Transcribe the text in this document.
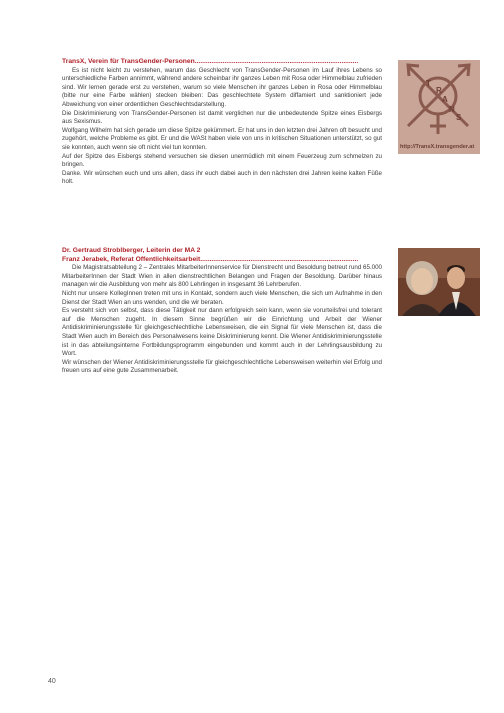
TransX, Verein für TransGender-Personen........................................................................................

Es ist nicht leicht zu verstehen, warum das Geschlecht von TransGender-Personen im Lauf ihres Lebens so unterschiedliche Farben annimmt, während andere scheinbar ihr ganzes Leben mit Rosa oder Himmelblau zufrieden sind. Wir lernen gerade erst zu verstehen, warum so viele Menschen ihr ganzes Leben in Rosa oder Himmelblau (bitte nur eine Farbe wählen) stecken bleiben: Das geschlechtete System diffamiert und sanktioniert jede Abweichung von einer ordentlichen Geschlechtsdarstellung.

Die Diskriminierung von TransGender-Personen ist damit verglichen nur die unbedeutende Spitze eines Eisbergs aus Sexismus.

Wolfgang Wilhelm hat sich gerade um diese Spitze gekümmert. Er hat uns in den letzten drei Jahren oft besucht und zugehört, welche Probleme es gibt. Er und die WASt haben viele von uns in kritischen Situationen unterstützt, so gut sie konnten, auch wenn sie oft nicht viel tun konnten.

Auf der Spitze des Eisbergs stehend versuchen sie diesen unermüdlich mit einem Feuerzeug zum schmelzen zu bringen.

Danke. Wir wünschen euch und uns allen, dass ihr euch dabei auch in den nächsten drei Jahren keine kalten Füße holt.

T
R
A
N
S
http://TransX.transgender.at
Dr. Gertraud Stroblberger, Leiterin der MA 2
Franz Jerabek, Referat Öffentlichkeitsarbeit.....................................................................................

Die Magistratsabteilung 2 – Zentrales MitarbeiterInnenservice für Dienstrecht und Besoldung betreut rund 65.000 MitarbeiterInnen der Stadt Wien in allen dienstrechtlichen Belangen und Fragen der Besoldung. Darüber hinaus managen wir die Ausbildung von mehr als 800 Lehrlingen in insgesamt 36 Lehrberufen.

Nicht nur unsere KollegInnen treten mit uns in Kontakt, sondern auch viele Menschen, die sich um Aufnahme in den Dienst der Stadt Wien an uns wenden, und die wir beraten.

Es versteht sich von selbst, dass diese Tätigkeit nur dann erfolgreich sein kann, wenn sie vorurteilsfrei und tolerant auf die Menschen zugeht. In diesem Sinne begrüßen wir die Einrichtung und Arbeit der Wiener Antidiskriminierungsstelle für gleichgeschlechtliche Lebensweisen, die ein Signal für viele Menschen ist, dass die Stadt Wien auch im Bereich des Personalwesens keine Diskriminierung kennt. Die Wiener Antidiskriminierungsstelle ist in das abteilungsinterne Fortbildungsprogramm eingebunden und kommt auch in der Lehrlingsausbildung zu Wort.

Wir wünschen der Wiener Antidiskriminierungsstelle für gleichgeschlechtliche Lebensweisen weiterhin viel Erfolg und freuen uns auf eine gute Zusammenarbeit.

40
